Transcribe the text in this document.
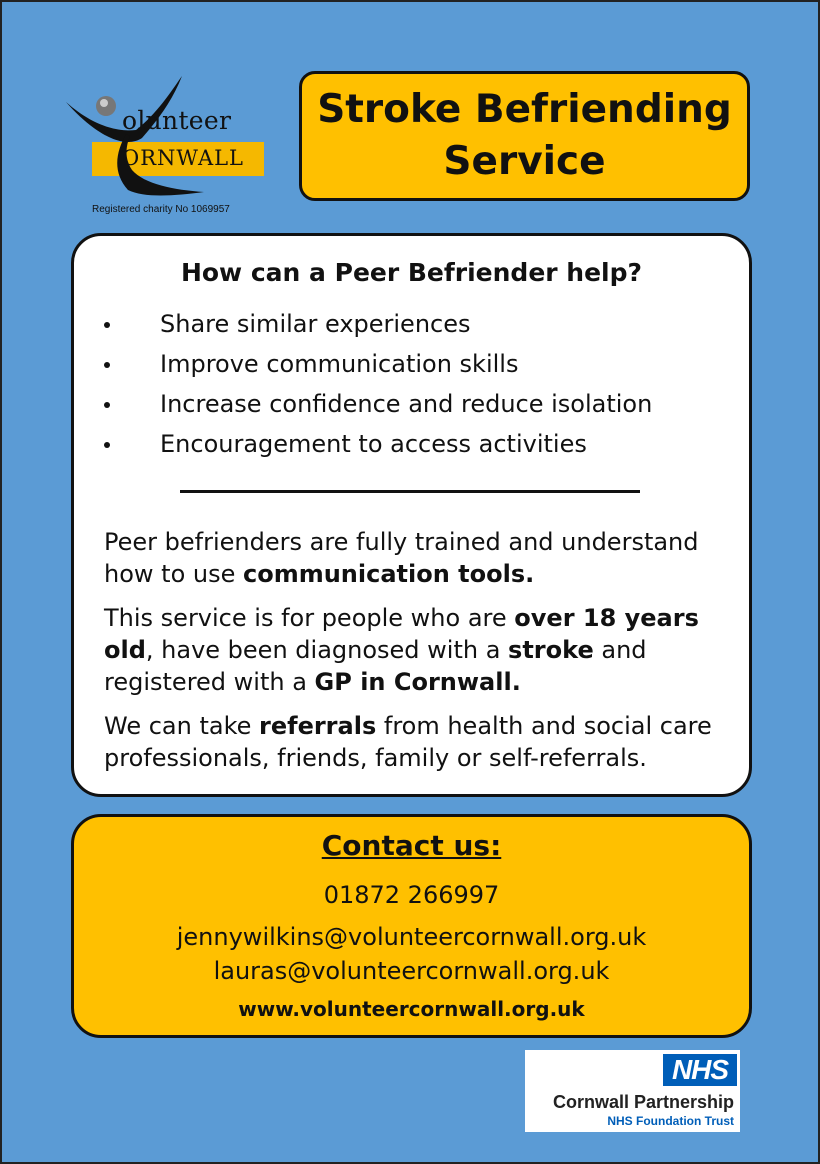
olunteer
ORNWALL
Registered charity No 1069957
Stroke Befriending Service
How can a Peer Befriender help?
Share similar experiences
Improve communication skills
Increase confidence and reduce isolation
Encouragement to access activities

Peer befrienders are fully trained and understand how to use communication tools.

This service is for people who are over 18 years old, have been diagnosed with a stroke and registered with a GP in Cornwall.

We can take referrals from health and social care professionals, friends, family or self-referrals.

Contact us:
01872 266997
jennywilkins@volunteercornwall.org.uk
lauras@volunteercornwall.org.uk
www.volunteercornwall.org.uk
NHS
Cornwall Partnership
NHS Foundation Trust
